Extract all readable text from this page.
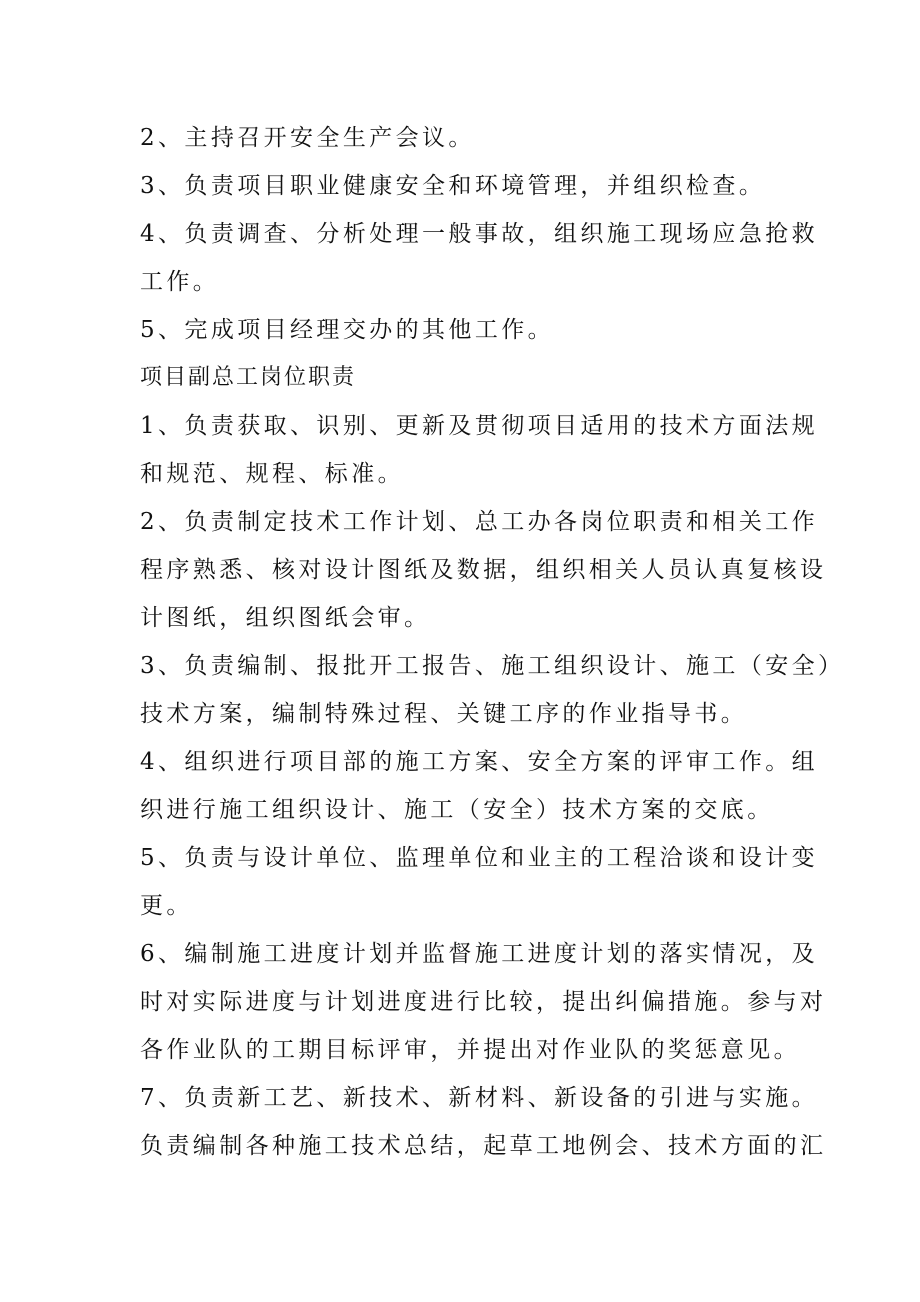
2、主持召开安全生产会议。
3、负责项目职业健康安全和环境管理，并组织检查。
4、负责调查、分析处理一般事故，组织施工现场应急抢救
工作。
5、完成项目经理交办的其他工作。
项目副总工岗位职责
1、负责获取、识别、更新及贯彻项目适用的技术方面法规
和规范、规程、标准。
2、负责制定技术工作计划、总工办各岗位职责和相关工作
程序熟悉、核对设计图纸及数据，组织相关人员认真复核设
计图纸，组织图纸会审。
3、负责编制、报批开工报告、施工组织设计、施工（安全）
技术方案，编制特殊过程、关键工序的作业指导书。
4、组织进行项目部的施工方案、安全方案的评审工作。组
织进行施工组织设计、施工（安全）技术方案的交底。
5、负责与设计单位、监理单位和业主的工程洽谈和设计变
更。
6、编制施工进度计划并监督施工进度计划的落实情况，及
时对实际进度与计划进度进行比较，提出纠偏措施。参与对
各作业队的工期目标评审，并提出对作业队的奖惩意见。
7、负责新工艺、新技术、新材料、新设备的引进与实施。
负责编制各种施工技术总结，起草工地例会、技术方面的汇
